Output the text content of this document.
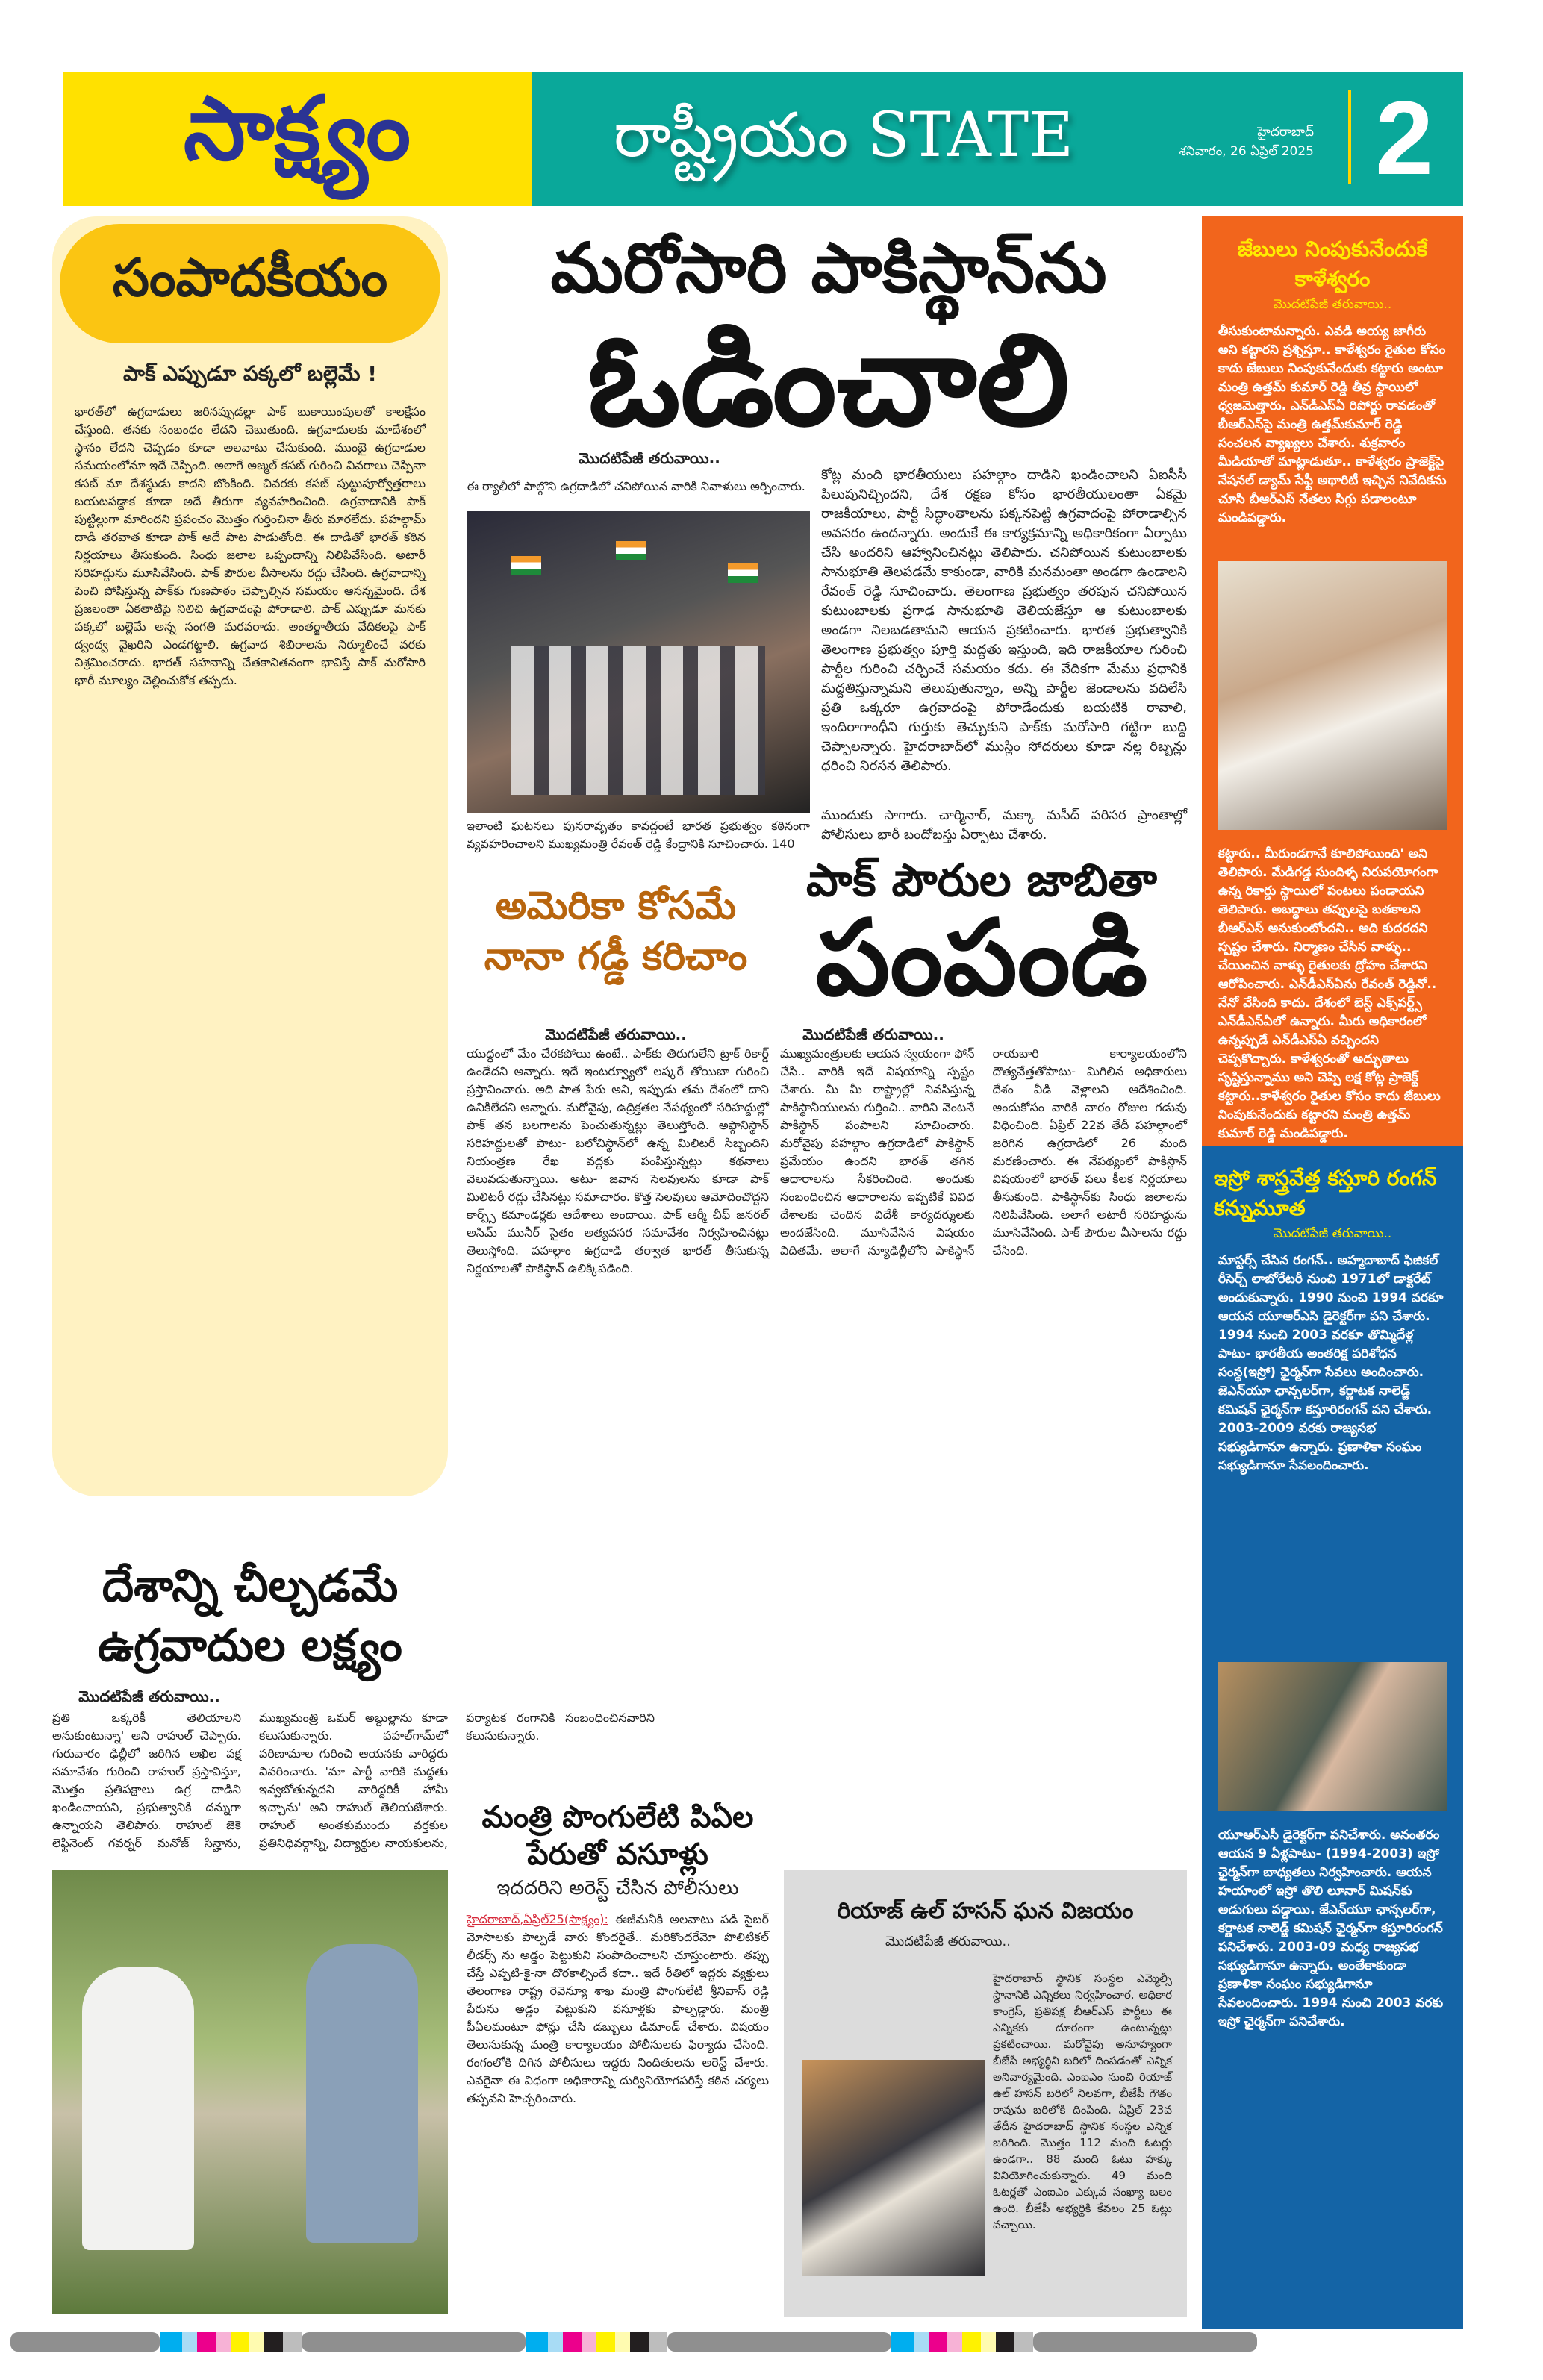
సాక్ష్యం	రాష్ట్రీయం STATE	హైదరాబాద్
శనివారం, 26 ఏప్రిల్ 2025 2
సంపాదకీయం
పాక్ ఎప్పుడూ పక్కలో బల్లెమే !
భారత్‌లో ఉగ్రదాడులు జరినప్పుడల్లా పాక్ బుకాయింపులతో కాలక్షేపం చేస్తుంది. తనకు సంబంధం లేదని చెబుతుంది. ఉగ్రవాదులకు మాదేశంలో స్థానం లేదని చెప్పడం కూడా అలవాటు చేసుకుంది. ముంబై ఉగ్రదాడుల సమయంలోనూ ఇదే చెప్పింది. అలాగే అజ్మల్ కసబ్ గురించి వివరాలు చెప్పినా కసబ్ మా దేశస్థుడు కాదని బొంకింది. చివరకు కసబ్ పుట్టుపూర్వోత్తరాలు బయటపడ్డాక కూడా అదే తీరుగా వ్యవహరించింది. ఉగ్రవాదానికి పాక్ పుట్టిల్లుగా మారిందని ప్రపంచం మొత్తం గుర్తించినా తీరు మారలేదు. పహల్గామ్ దాడి తరవాత కూడా పాక్ అదే పాట పాడుతోంది. ఈ దాడితో భారత్ కఠిన నిర్ణయాలు తీసుకుంది. సింధు జలాల ఒప్పందాన్ని నిలిపివేసింది. అటారీ సరిహద్దును మూసివేసింది. పాక్ పౌరుల వీసాలను రద్దు చేసింది. ఉగ్రవాదాన్ని పెంచి పోషిస్తున్న పాక్‌కు గుణపాఠం చెప్పాల్సిన సమయం ఆసన్నమైంది. దేశ ప్రజలంతా ఏకతాటిపై నిలిచి ఉగ్రవాదంపై పోరాడాలి. పాక్ ఎప్పుడూ మనకు పక్కలో బల్లెమే అన్న సంగతి మరవరాదు. అంతర్జాతీయ వేదికలపై పాక్ ద్వంద్వ వైఖరిని ఎండగట్టాలి. ఉగ్రవాద శిబిరాలను నిర్మూలించే వరకు విశ్రమించరాదు. భారత్ సహనాన్ని చేతకానితనంగా భావిస్తే పాక్ మరోసారి భారీ మూల్యం చెల్లించుకోక తప్పదు.
దేశాన్ని చీల్చడమే ఉగ్రవాదుల లక్ష్యం
మొదటిపేజీ తరువాయి..
ప్రతి ఒక్కరికీ తెలియాలని అనుకుంటున్నా' అని రాహుల్ చెప్పారు. గురువారం ఢిల్లీలో జరిగిన అఖిల పక్ష సమావేశం గురించి రాహుల్ ప్రస్తావిస్తూ, మొత్తం ప్రతిపక్షాలు ఉగ్ర దాడిని ఖండించాయని, ప్రభుత్వానికి దన్నుగా ఉన్నాయని తెలిపారు. రాహుల్ జెకె లెఫ్టినెంట్ గవర్నర్ మనోజ్ సిన్హాను, ముఖ్యమంత్రి ఒమర్ అబ్దుల్లాను కూడా కలుసుకున్నారు. పహల్‌గామ్‌లో పరిణామాల గురించి ఆయనకు వారిద్దరు వివరించారు. 'మా పార్టీ వారికి మద్దతు ఇవ్వబోతున్నదని వారిద్దరికీ హామీ ఇచ్చాను' అని రాహుల్ తెలియజేశారు. రాహుల్ అంతకుముందు వర్తకుల ప్రతినిధివర్గాన్ని, విద్యార్థుల నాయకులను, పర్యాటక రంగానికి సంబంధించినవారిని కలుసుకున్నారు.
మరోసారి పాకిస్థాన్‌ను
ఓడించాలి
మొదటిపేజీ తరువాయి..
ఈ ర్యాలీలో పాల్గొని ఉగ్రదాడిలో చనిపోయిన వారికి నివాళులు అర్పించారు.
ఇలాంటి ఘటనలు పునరావృతం కావద్దంటే భారత ప్రభుత్వం కఠినంగా వ్యవహరించాలని ముఖ్యమంత్రి రేవంత్ రెడ్డి కేంద్రానికి సూచించారు. 140
కోట్ల మంది భారతీయులు పహల్గాం దాడిని ఖండించాలని ఏఐసీసీ పిలుపునిచ్చిందని, దేశ రక్షణ కోసం భారతీయులంతా ఏకమై రాజకీయాలు, పార్టీ సిద్ధాంతాలను పక్కనపెట్టి ఉగ్రవాదంపై పోరాడాల్సిన అవసరం ఉందన్నారు. అందుకే ఈ కార్యక్రమాన్ని అధికారికంగా ఏర్పాటు చేసి అందరిని ఆహ్వానించినట్లు తెలిపారు. చనిపోయిన కుటుంబాలకు సానుభూతి తెలపడమే కాకుండా, వారికి మనమంతా అండగా ఉండాలని రేవంత్ రెడ్డి సూచించారు. తెలంగాణ ప్రభుత్వం తరపున చనిపోయిన కుటుంబాలకు ప్రగాఢ సానుభూతి తెలియజేస్తూ ఆ కుటుంబాలకు అండగా నిలబడతామని ఆయన ప్రకటించారు. భారత ప్రభుత్వానికి తెలంగాణ ప్రభుత్వం పూర్తి మద్దతు ఇస్తుంది, ఇది రాజకీయాల గురించి పార్టీల గురించి చర్చించే సమయం కదు. ఈ వేదికగా మేము ప్రధానికి మద్దతిస్తున్నామని తెలుపుతున్నాం, అన్ని పార్టీల జెండాలను వదిలేసి ప్రతి ఒక్కరూ ఉగ్రవాదంపై పోరాడేందుకు బయటికి రావాలి, ఇందిరాగాంధీని గుర్తుకు తెచ్చుకుని పాక్‌కు మరోసారి గట్టిగా బుద్ధి చెప్పాలన్నారు. హైదరాబాద్‌లో ముస్లిం సోదరులు కూడా నల్ల రిబ్బన్లు ధరించి నిరసన తెలిపారు.
ముందుకు సాగారు. చార్మినార్, మక్కా మసీద్ పరిసర ప్రాంతాల్లో పోలీసులు భారీ బందోబస్తు ఏర్పాటు చేశారు.
అమెరికా కోసమే నానా గడ్డీ కరిచాం
మొదటిపేజీ తరువాయి..
యుద్ధంలో మేం చేరకపోయి ఉంటే.. పాక్‌కు తిరుగులేని ట్రాక్ రికార్డ్ ఉండేదని అన్నారు. ఇదే ఇంటర్వ్యూలో లష్కరే తోయిబా గురించి ప్రస్తావించారు. అది పాత పేరు అని, ఇప్పుడు తమ దేశంలో దాని ఉనికిలేదని అన్నారు. మరోవైపు, ఉద్రిక్తతల నేపథ్యంలో సరిహద్దుల్లో పాక్ తన బలగాలను పెంచుతున్నట్లు తెలుస్తోంది. అఫ్గానిస్థాన్ సరిహద్దులతో పాటు- బలోచిస్థాన్‌లో ఉన్న మిలిటరీ సిబ్బందిని నియంత్రణ రేఖ వద్దకు పంపిస్తున్నట్లు కథనాలు వెలువడుతున్నాయి. అటు- జవాన సెలవులను కూడా పాక్ మిలిటరీ రద్దు చేసినట్లు సమాచారం. కొత్త సెలవులు ఆమోదించొద్దని కార్ప్స్ కమాండర్లకు ఆదేశాలు అందాయి. పాక్ ఆర్మీ చీఫ్ జనరల్ అసిమ్ మునీర్ సైతం అత్యవసర సమావేశం నిర్వహించినట్లు తెలుస్తోంది. పహల్గాం ఉగ్రదాడి తర్వాత భారత్ తీసుకున్న నిర్ణయాలతో పాకిస్థాన్ ఉలిక్కిపడింది.
పాక్ పౌరుల జాబితా
పంపండి
మొదటిపేజీ తరువాయి..
ముఖ్యమంత్రులకు ఆయన స్వయంగా ఫోన్ చేసి.. వారికి ఇదే విషయాన్ని స్పష్టం చేశారు. మీ మీ రాష్ట్రాల్లో నివసిస్తున్న పాకిస్థానీయులను గుర్తించి.. వారిని వెంటనే పాకిస్థాన్ పంపాలని సూచించారు. మరోవైపు పహల్గాం ఉగ్రదాడిలో పాకిస్థాన్ ప్రమేయం ఉందని భారత్ తగిన ఆధారాలను సేకరించింది. అందుకు సంబంధించిన ఆధారాలను ఇప్పటికే వివిధ దేశాలకు చెందిన విదేశీ కార్యదర్శులకు అందజేసింది. మూసివేసిన విషయం విదితమే. అలాగే న్యూఢిల్లీలోని పాకిస్థాన్ రాయబారి కార్యాలయంలోని దౌత్యవేత్తతోపాటు- మిగిలిన అధికారులు దేశం వీడి వెళ్లాలని ఆదేశించింది. అందుకోసం వారికి వారం రోజుల గడువు విధించింది. ఏప్రిల్ 22వ తేదీ పహల్గాంలో జరిగిన ఉగ్రదాడిలో 26 మంది మరణించారు. ఈ నేపథ్యంలో పాకిస్థాన్ విషయంలో భారత్ పలు కీలక నిర్ణయాలు తీసుకుంది. పాకిస్థాన్‌కు సింధు జలాలను నిలిపివేసింది. అలాగే అటారీ సరిహద్దును మూసివేసింది. పాక్ పౌరుల వీసాలను రద్దు చేసింది.
మంత్రి పొంగులేటి పిఏల పేరుతో వసూళ్లు
ఇదదరిని అరెస్ట్ చేసిన పోలీసులు
హైదరాబాద్,ఏప్రిల్25(సాక్ష్యం): ఈజీమనీకి అలవాటు పడి సైబర్ మోసాలకు పాల్పడే వారు కొందరైతే.. మరికొందరేమో పొలిటికల్ లీడర్స్ ను అడ్డం పెట్టుకుని సంపాదించాలని చూస్తుంటారు. తప్పు చేస్తే ఎప్పటి-కై-నా దొరకాల్సిందే కదా.. ఇదే రీతిలో ఇద్దరు వ్యక్తులు తెలంగాణ రాష్ట్ర రెవెన్యూ శాఖ మంత్రి పొంగులేటి శ్రీనివాస్ రెడ్డి పేరును అడ్డం పెట్టుకుని వసూళ్లకు పాల్పడ్డారు. మంత్రి పీఏలమంటూ ఫోన్లు చేసి డబ్బులు డిమాండ్ చేశారు. విషయం తెలుసుకున్న మంత్రి కార్యాలయం పోలీసులకు ఫిర్యాదు చేసింది. రంగంలోకి దిగిన పోలీసులు ఇద్దరు నిందితులను అరెస్ట్ చేశారు. ఎవరైనా ఈ విధంగా అధికారాన్ని దుర్వినియోగపరిస్తే కఠిన చర్యలు తప్పవని హెచ్చరించారు.
రియాజ్ ఉల్ హసన్ ఘన విజయం
మొదటిపేజీ తరువాయి..
హైదరాబాద్ స్థానిక సంస్థల ఎమ్మెల్సీ స్థానానికి ఎన్నికలు నిర్వహించార. అధికార కాంగ్రెస్, ప్రతిపక్ష బీఆర్ఎస్ పార్టీలు ఈ ఎన్నికకు దూరంగా ఉంటున్నట్లు ప్రకటించాయి. మరోవైపు అనూహ్యంగా బీజేపీ అభ్యర్థిని బరిలో దింపడంతో ఎన్నిక అనివార్యమైంది. ఎంఐఎం నుంచి రియాజ్ ఉల్ హసన్ బరిలో నిలవగా, బీజేపీ గౌతం రావును బరిలోకి దింపింది. ఏప్రిల్ 23వ తేదీన హైదరాబాద్ స్థానిక సంస్థల ఎన్నిక జరిగింది. మొత్తం 112 మంది ఓటర్లు ఉండగా.. 88 మంది ఓటు హక్కు వినియోగించుకున్నారు. 49 మంది ఓటర్లతో ఎంఐఎం ఎక్కువ సంఖ్యా బలం ఉంది. బీజేపీ అభ్యర్థికి కేవలం 25 ఓట్లు వచ్చాయి.
జేబులు నింపుకునేందుకే కాళేశ్వరం
మొదటిపేజీ తరువాయి..
తీసుకుంటామన్నారు. ఎవడి అయ్య జాగీరు అని కట్టారని ప్రశ్నిస్తూ.. కాళేశ్వరం రైతుల కోసం కాదు జేబులు నింపుకునేందుకు కట్టారు అంటూ మంత్రి ఉత్తమ్ కుమార్ రెడ్డి తీవ్ర స్థాయిలో ధ్వజమెత్తారు. ఎన్‌డీఎస్‌ఏ రిపోర్టు రావడంతో బీఆర్ఎస్‌పై మంత్రి ఉత్తమ్‌కుమార్ రెడ్డి సంచలన వ్యాఖ్యలు చేశారు. శుక్రవారం మీడియాతో మాట్లాడుతూ.. కాళేశ్వరం ప్రాజెక్ట్‌పై నేషనల్ డ్యామ్ సేఫ్టీ అథారిటీ ఇచ్చిన నివేదికను చూసి బీఆర్ఎస్ నేతలు సిగ్గు పడాలంటూ మండిపడ్డారు.
కట్టారు.. మీరుండగానే కూలిపోయింది' అని తెలిపారు. మేడిగడ్డ సుందిళ్ళ నిరుపయోగంగా ఉన్న రికార్డు స్థాయిలో పంటలు పండాయని తెలిపారు. అబద్ధాలు తప్పులపై బతకాలని బీఆర్ఎస్ అనుకుంటోందని.. అది కుదరదని స్పష్టం చేశారు. నిర్మాణం చేసిన వాళ్ళు.. చేయించిన వాళ్ళు రైతులకు ద్రోహం చేశారని ఆరోపించారు. ఎన్‌డీఎస్‌ఏను రేవంత్ రెడ్డినో.. నేనో వేసింది కాదు. దేశంలో బెస్ట్ ఎక్స్‌పర్ట్స్ ఎన్‌డీఎస్‌ఏలో ఉన్నారు. మీరు అధికారంలో ఉన్నప్పుడే ఎన్‌డీఎస్‌ఏ వచ్చిందని చెప్పకొచ్చారు. కాళేశ్వరంతో అద్భుతాలు సృష్టిస్తున్నాము అని చెప్పి లక్ష కోట్ల ప్రాజెక్ట్ కట్టారు..కాళేశ్వరం రైతుల కోసం కాదు జేబులు నింపుకునేందుకు కట్టారని మంత్రి ఉత్తమ్ కుమార్ రెడ్డి మండిపడ్డారు.
ఇస్రో శాస్త్రవేత్త కస్తూరి రంగన్ కన్నుమూత
మొదటిపేజీ తరువాయి..
మాస్టర్స్ చేసిన రంగన్.. అహ్మదాబాద్ ఫిజికల్ రీసెర్చ్ లాబోరేటరీ నుంచి 1971లో డాక్టరేట్ అందుకున్నారు. 1990 నుంచి 1994 వరకూ ఆయన యూఆర్ఎసి డైరెక్టర్‌గా పని చేశారు. 1994 నుంచి 2003 వరకూ తొమ్మిదేళ్ల పాటు- భారతీయ అంతరిక్ష పరిశోధన సంస్థ(ఇస్రో) ఛైర్మన్‌గా సేవలు అందించారు. జెఎన్‌యూ ఛాన్సలర్‌గా, కర్ణాటక నాలెడ్జ్ కమిషన్ ఛైర్మన్‌గా కస్తూరిరంగన్ పని చేశారు. 2003-2009 వరకు రాజ్యసభ సభ్యుడిగానూ ఉన్నారు. ప్రణాళికా సంఘం సభ్యుడిగానూ సేవలందించారు.
యూఆర్ఎసీ డైరెక్టర్‌గా పనిచేశారు. అనంతరం ఆయన 9 ఏళ్లపాటు- (1994-2003) ఇస్రో ఛైర్మన్‌గా బాధ్యతలు నిర్వహించారు. ఆయన హయాంలో ఇస్రో తొలి లూనార్ మిషన్‌కు అడుగులు పడ్డాయి. జేఎన్‌యూ ఛాన్సలర్‌గా, కర్ణాటక నాలెడ్జ్ కమిషన్ ఛైర్మన్‌గా కస్తూరిరంగన్ పనిచేశారు. 2003-09 మధ్య రాజ్యసభ సభ్యుడిగానూ ఉన్నారు. అంతేకాకుండా ప్రణాళికా సంఘం సభ్యుడిగానూ సేవలందించారు. 1994 నుంచి 2003 వరకు ఇస్రో ఛైర్మన్‌గా పనిచేశారు.
